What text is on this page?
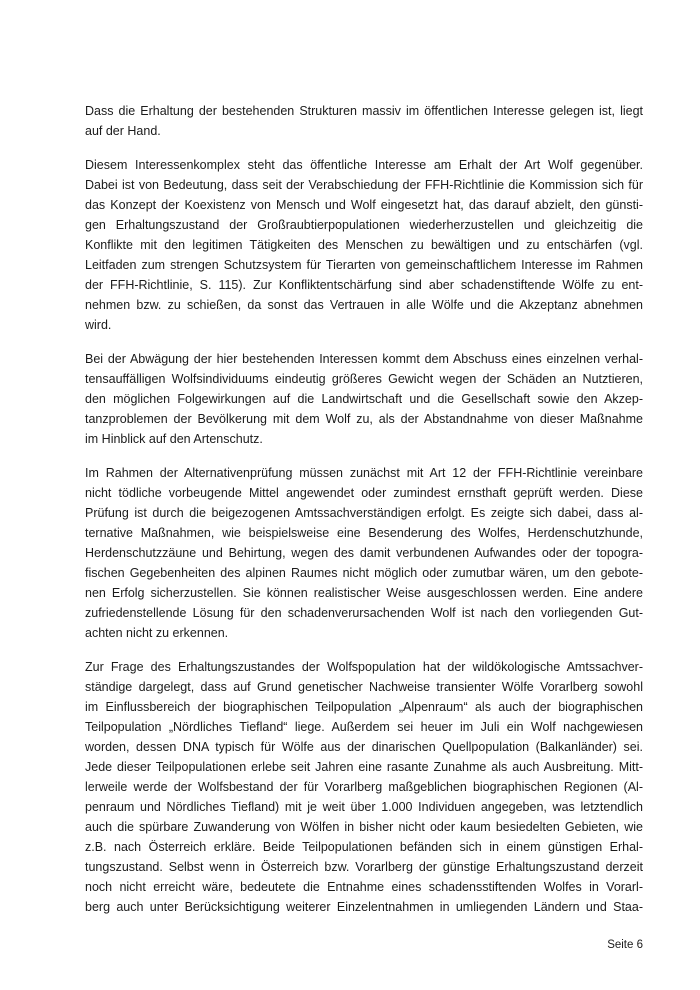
Dass die Erhaltung der bestehenden Strukturen massiv im öffentlichen Interesse gelegen ist, liegt
auf der Hand.
Diesem Interessenkomplex steht das öffentliche Interesse am Erhalt der Art Wolf gegenüber.
Dabei ist von Bedeutung, dass seit der Verabschiedung der FFH-Richtlinie die Kommission sich für
das Konzept der Koexistenz von Mensch und Wolf eingesetzt hat, das darauf abzielt, den günsti-
gen Erhaltungszustand der Großraubtierpopulationen wiederherzustellen und gleichzeitig die
Konflikte mit den legitimen Tätigkeiten des Menschen zu bewältigen und zu entschärfen (vgl.
Leitfaden zum strengen Schutzsystem für Tierarten von gemeinschaftlichem Interesse im Rahmen
der FFH-Richtlinie, S. 115). Zur Konfliktentschärfung sind aber schadenstiftende Wölfe zu ent-
nehmen bzw. zu schießen, da sonst das Vertrauen in alle Wölfe und die Akzeptanz abnehmen
wird.
Bei der Abwägung der hier bestehenden Interessen kommt dem Abschuss eines einzelnen verhal-
tensauffälligen Wolfsindividuums eindeutig größeres Gewicht wegen der Schäden an Nutztieren,
den möglichen Folgewirkungen auf die Landwirtschaft und die Gesellschaft sowie den Akzep-
tanzproblemen der Bevölkerung mit dem Wolf zu, als der Abstandnahme von dieser Maßnahme
im Hinblick auf den Artenschutz.
Im Rahmen der Alternativenprüfung müssen zunächst mit Art 12 der FFH-Richtlinie vereinbare
nicht tödliche vorbeugende Mittel angewendet oder zumindest ernsthaft geprüft werden. Diese
Prüfung ist durch die beigezogenen Amtssachverständigen erfolgt. Es zeigte sich dabei, dass al-
ternative Maßnahmen, wie beispielsweise eine Besenderung des Wolfes, Herdenschutzhunde,
Herdenschutzzäune und Behirtung, wegen des damit verbundenen Aufwandes oder der topogra-
fischen Gegebenheiten des alpinen Raumes nicht möglich oder zumutbar wären, um den gebote-
nen Erfolg sicherzustellen. Sie können realistischer Weise ausgeschlossen werden. Eine andere
zufriedenstellende Lösung für den schadenverursachenden Wolf ist nach den vorliegenden Gut-
achten nicht zu erkennen.
Zur Frage des Erhaltungszustandes der Wolfspopulation hat der wildökologische Amtssachver-
ständige dargelegt, dass auf Grund genetischer Nachweise transienter Wölfe Vorarlberg sowohl
im Einflussbereich der biographischen Teilpopulation „Alpenraum“ als auch der biographischen
Teilpopulation „Nördliches Tiefland“ liege. Außerdem sei heuer im Juli ein Wolf nachgewiesen
worden, dessen DNA typisch für Wölfe aus der dinarischen Quellpopulation (Balkanländer) sei.
Jede dieser Teilpopulationen erlebe seit Jahren eine rasante Zunahme als auch Ausbreitung. Mitt-
lerweile werde der Wolfsbestand der für Vorarlberg maßgeblichen biographischen Regionen (Al-
penraum und Nördliches Tiefland) mit je weit über 1.000 Individuen angegeben, was letztendlich
auch die spürbare Zuwanderung von Wölfen in bisher nicht oder kaum besiedelten Gebieten, wie
z.B. nach Österreich erkläre. Beide Teilpopulationen befänden sich in einem günstigen Erhal-
tungszustand. Selbst wenn in Österreich bzw. Vorarlberg der günstige Erhaltungszustand derzeit
noch nicht erreicht wäre, bedeutete die Entnahme eines schadensstiftenden Wolfes in Vorarl-
berg auch unter Berücksichtigung weiterer Einzelentnahmen in umliegenden Ländern und Staa-
Seite 6
